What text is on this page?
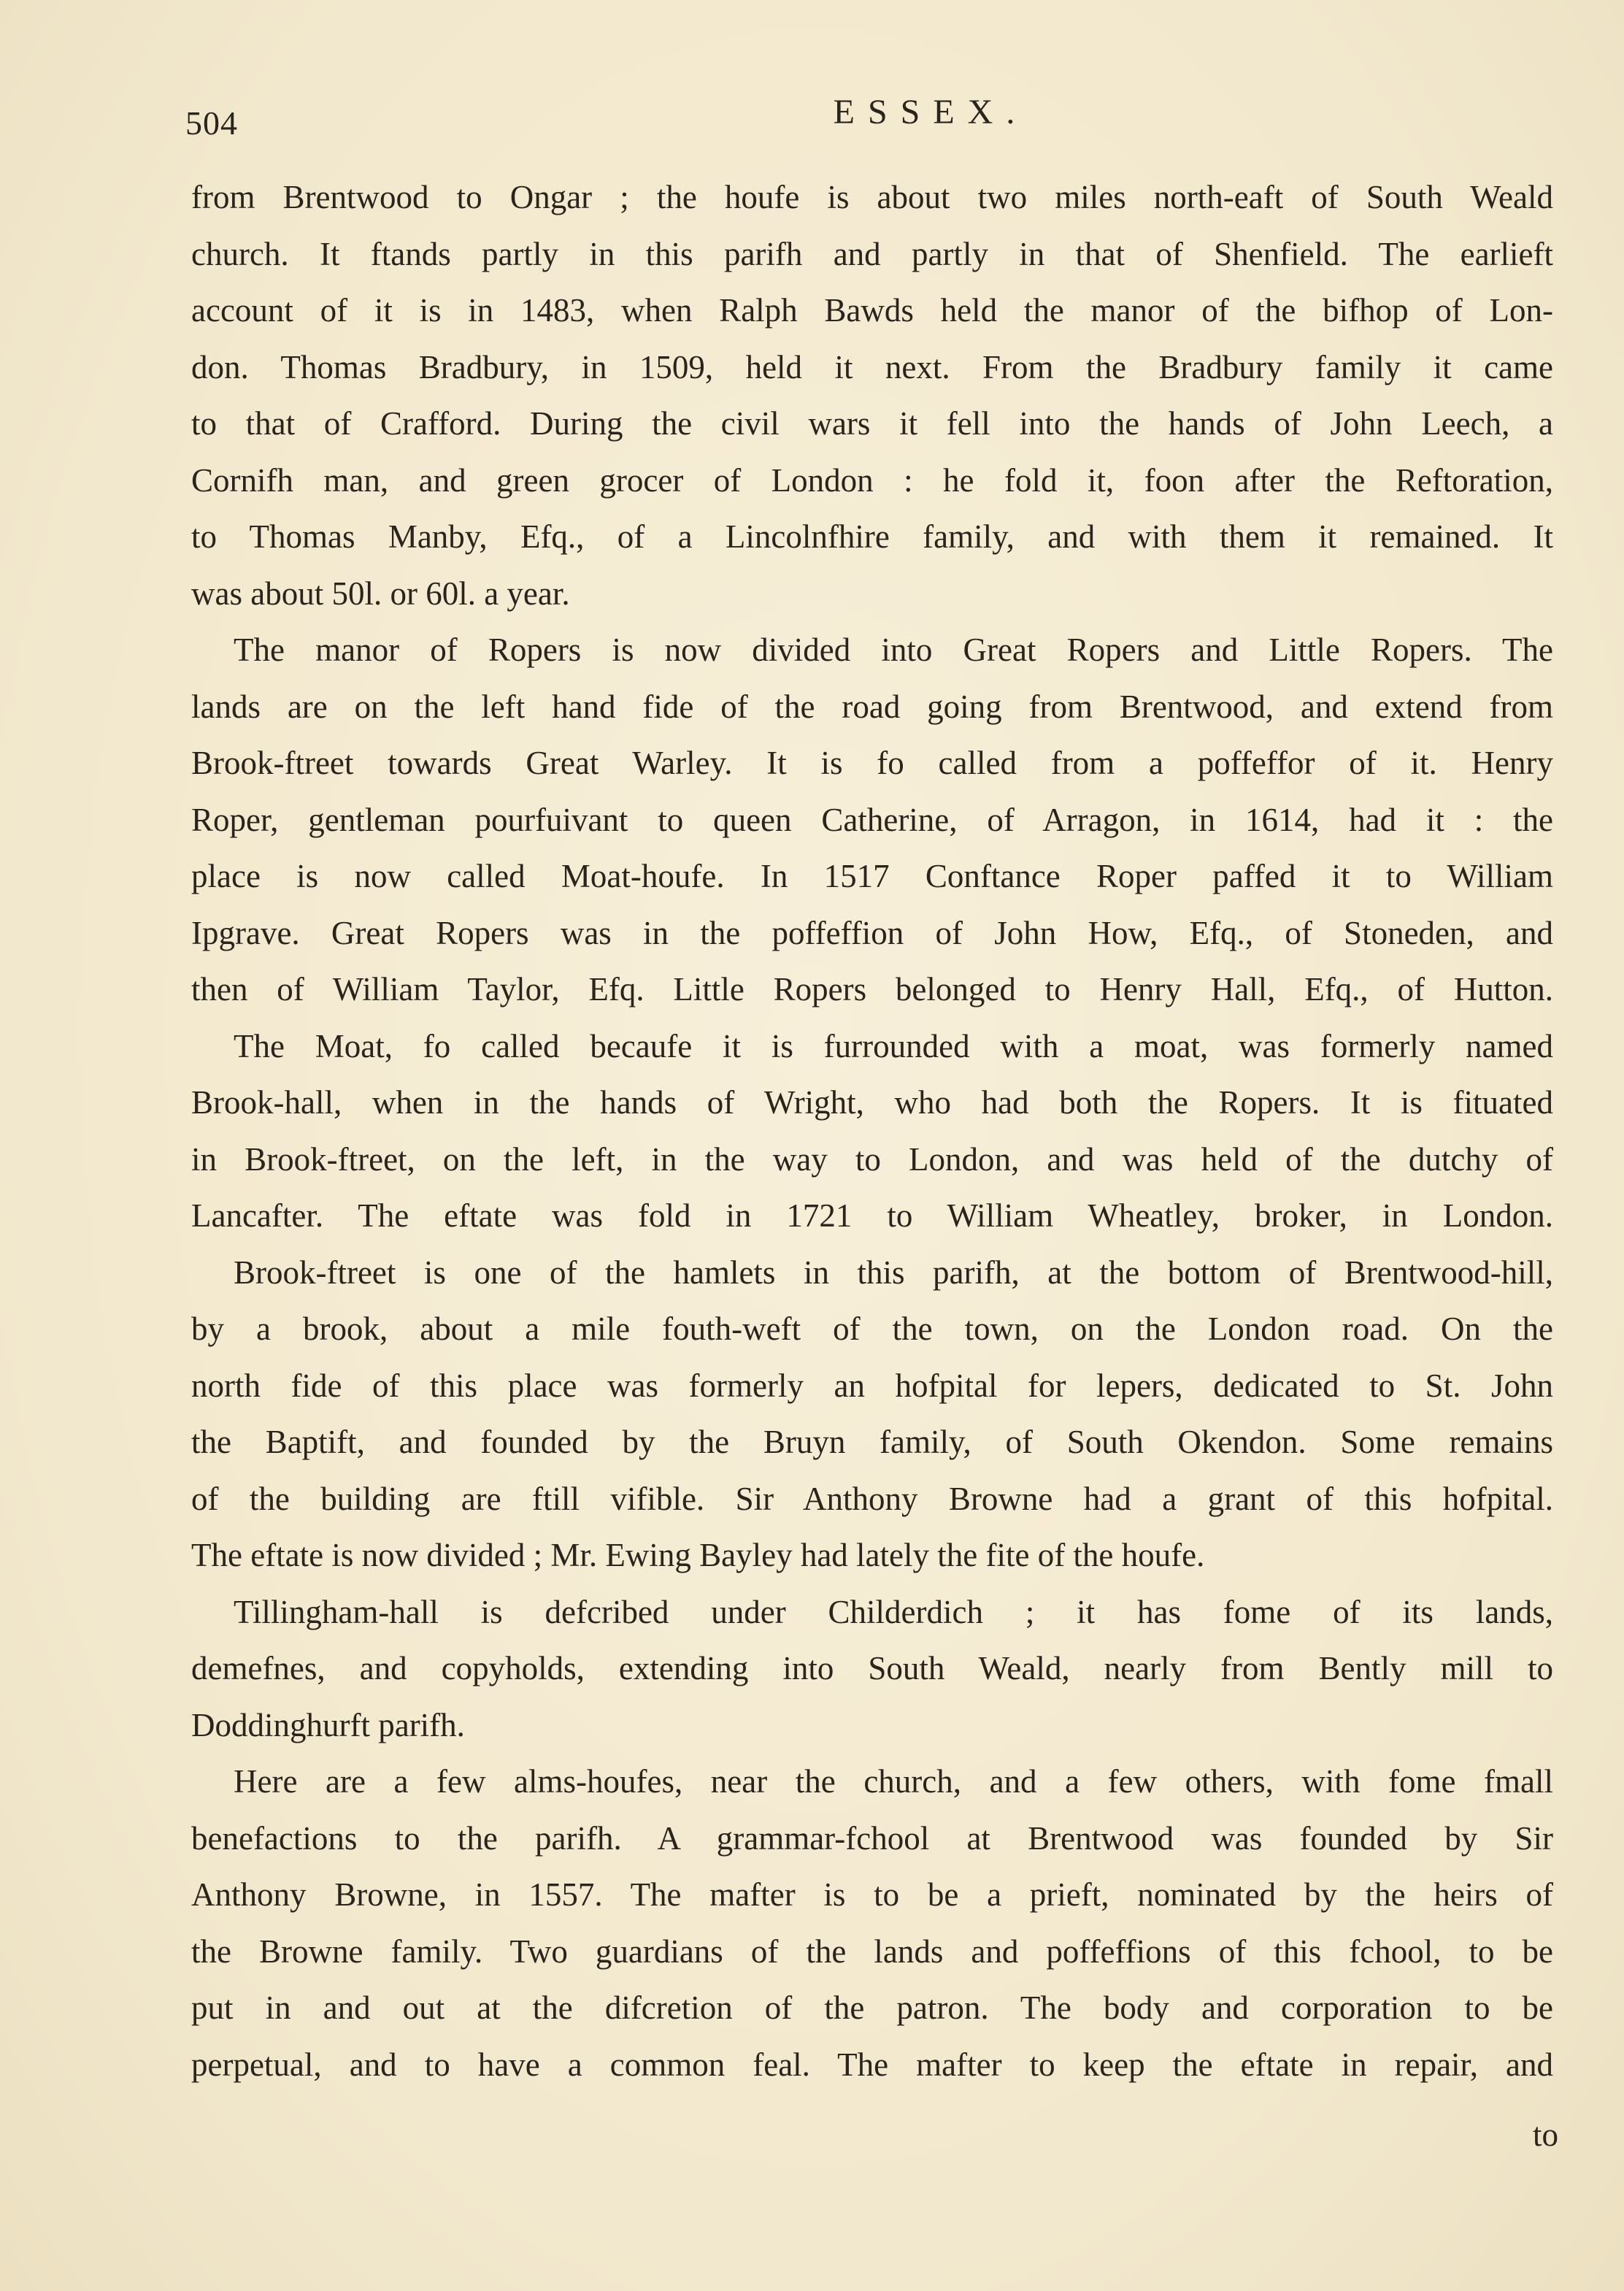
504	ESSEX.
from Brentwood to Ongar ; the houfe is about two miles north-eaft of South Weald
church. It ftands partly in this parifh and partly in that of Shenfield. The earlieft
account of it is in 1483, when Ralph Bawds held the manor of the bifhop of Lon-
don. Thomas Bradbury, in 1509, held it next. From the Bradbury family it came
to that of Crafford. During the civil wars it fell into the hands of John Leech, a
Cornifh man, and green grocer of London : he fold it, foon after the Reftoration,
to Thomas Manby, Efq., of a Lincolnfhire family, and with them it remained. It
was about 50l. or 60l. a year.
The manor of Ropers is now divided into Great Ropers and Little Ropers. The
lands are on the left hand fide of the road going from Brentwood, and extend from
Brook-ftreet towards Great Warley. It is fo called from a poffeffor of it. Henry
Roper, gentleman pourfuivant to queen Catherine, of Arragon, in 1614, had it : the
place is now called Moat-houfe. In 1517 Conftance Roper paffed it to William
Ipgrave. Great Ropers was in the poffeffion of John How, Efq., of Stoneden, and
then of William Taylor, Efq. Little Ropers belonged to Henry Hall, Efq., of Hutton.
The Moat, fo called becaufe it is furrounded with a moat, was formerly named
Brook-hall, when in the hands of Wright, who had both the Ropers. It is fituated
in Brook-ftreet, on the left, in the way to London, and was held of the dutchy of
Lancafter. The eftate was fold in 1721 to William Wheatley, broker, in London.
Brook-ftreet is one of the hamlets in this parifh, at the bottom of Brentwood-hill,
by a brook, about a mile fouth-weft of the town, on the London road. On the
north fide of this place was formerly an hofpital for lepers, dedicated to St. John
the Baptift, and founded by the Bruyn family, of South Okendon. Some remains
of the building are ftill vifible. Sir Anthony Browne had a grant of this hofpital.
The eftate is now divided ; Mr. Ewing Bayley had lately the fite of the houfe.
Tillingham-hall is defcribed under Childerdich ; it has fome of its lands,
demefnes, and copyholds, extending into South Weald, nearly from Bently mill to
Doddinghurft parifh.
Here are a few alms-houfes, near the church, and a few others, with fome fmall
benefactions to the parifh. A grammar-fchool at Brentwood was founded by Sir
Anthony Browne, in 1557. The mafter is to be a prieft, nominated by the heirs of
the Browne family. Two guardians of the lands and poffeffions of this fchool, to be
put in and out at the difcretion of the patron. The body and corporation to be
perpetual, and to have a common feal. The mafter to keep the eftate in repair, and
to
